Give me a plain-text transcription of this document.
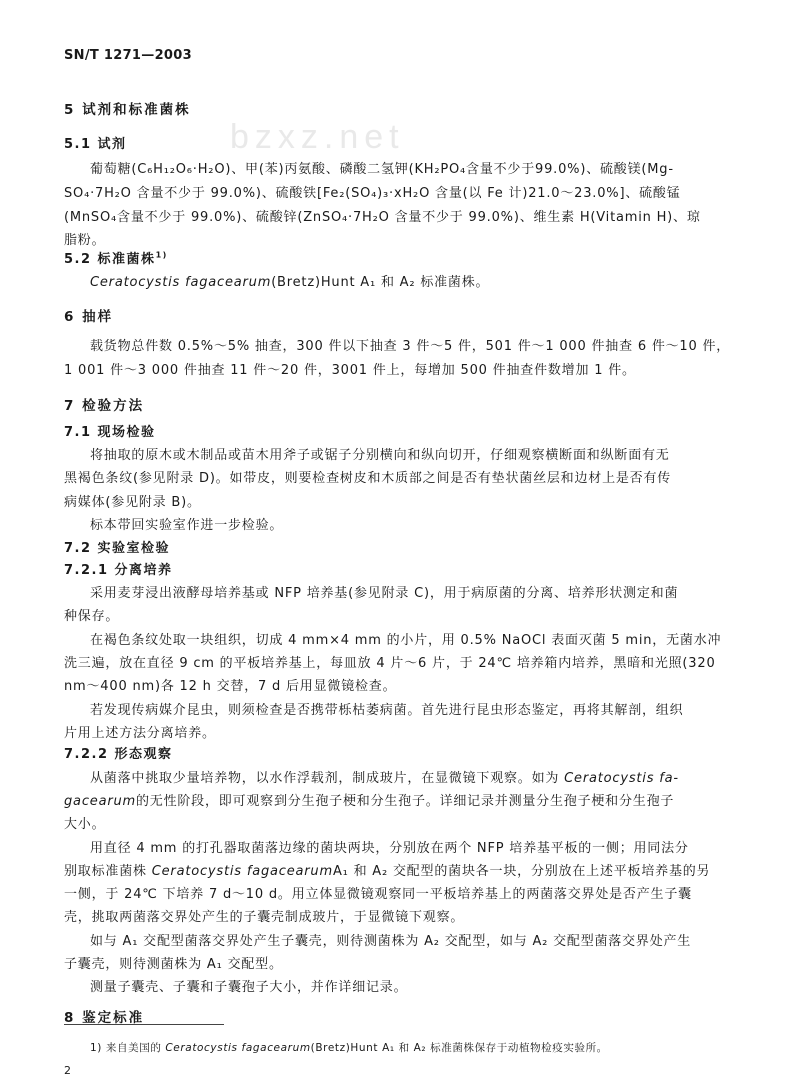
SN/T 1271—2003
bzxz.net
5 试剂和标准菌株
5.1 试剂
葡萄糖(C₆H₁₂O₆·H₂O)、甲(苯)丙氨酸、磷酸二氢钾(KH₂PO₄含量不少于99.0%)、硫酸镁(Mg-
SO₄·7H₂O 含量不少于 99.0%)、硫酸铁[Fe₂(SO₄)₃·xH₂O 含量(以 Fe 计)21.0～23.0%]、硫酸锰
(MnSO₄含量不少于 99.0%)、硫酸锌(ZnSO₄·7H₂O 含量不少于 99.0%)、维生素 H(Vitamin H)、琼
脂粉。
5.2 标准菌株$^{1)}$
Ceratocystis fagacearum(Bretz)Hunt A₁ 和 A₂ 标准菌株。
6 抽样
载货物总件数 0.5%～5% 抽查，300 件以下抽查 3 件～5 件，501 件～1 000 件抽查 6 件～10 件，
1 001 件～3 000 件抽查 11 件～20 件，3001 件上，每增加 500 件抽查件数增加 1 件。
7 检验方法
7.1 现场检验
将抽取的原木或木制品或苗木用斧子或锯子分别横向和纵向切开，仔细观察横断面和纵断面有无
黑褐色条纹(参见附录 D)。如带皮，则要检查树皮和木质部之间是否有垫状菌丝层和边材上是否有传
病媒体(参见附录 B)。
标本带回实验室作进一步检验。
7.2 实验室检验
7.2.1 分离培养
采用麦芽浸出液酵母培养基或 NFP 培养基(参见附录 C)，用于病原菌的分离、培养形状测定和菌
种保存。
在褐色条纹处取一块组织，切成 4 mm×4 mm 的小片，用 0.5% NaOCl 表面灭菌 5 min，无菌水冲
洗三遍，放在直径 9 cm 的平板培养基上，每皿放 4 片～6 片，于 24℃ 培养箱内培养，黑暗和光照(320
nm～400 nm)各 12 h 交替，7 d 后用显微镜检查。
若发现传病媒介昆虫，则须检查是否携带栎枯萎病菌。首先进行昆虫形态鉴定，再将其解剖，组织
片用上述方法分离培养。
7.2.2 形态观察
从菌落中挑取少量培养物，以水作浮载剂，制成玻片，在显微镜下观察。如为 Ceratocystis fa-
gacearum的无性阶段，即可观察到分生孢子梗和分生孢子。详细记录并测量分生孢子梗和分生孢子
大小。
用直径 4 mm 的打孔器取菌落边缘的菌块两块，分别放在两个 NFP 培养基平板的一侧；用同法分
别取标准菌株 Ceratocystis fagacearumA₁ 和 A₂ 交配型的菌块各一块，分别放在上述平板培养基的另
一侧，于 24℃ 下培养 7 d～10 d。用立体显微镜观察同一平板培养基上的两菌落交界处是否产生子囊
壳，挑取两菌落交界处产生的子囊壳制成玻片，于显微镜下观察。
如与 A₁ 交配型菌落交界处产生子囊壳，则待测菌株为 A₂ 交配型，如与 A₂ 交配型菌落交界处产生
子囊壳，则待测菌株为 A₁ 交配型。
测量子囊壳、子囊和子囊孢子大小，并作详细记录。
8 鉴定标准
1) 来自美国的 Ceratocystis fagacearum(Bretz)Hunt A₁ 和 A₂ 标准菌株保存于动植物检疫实验所。
2
